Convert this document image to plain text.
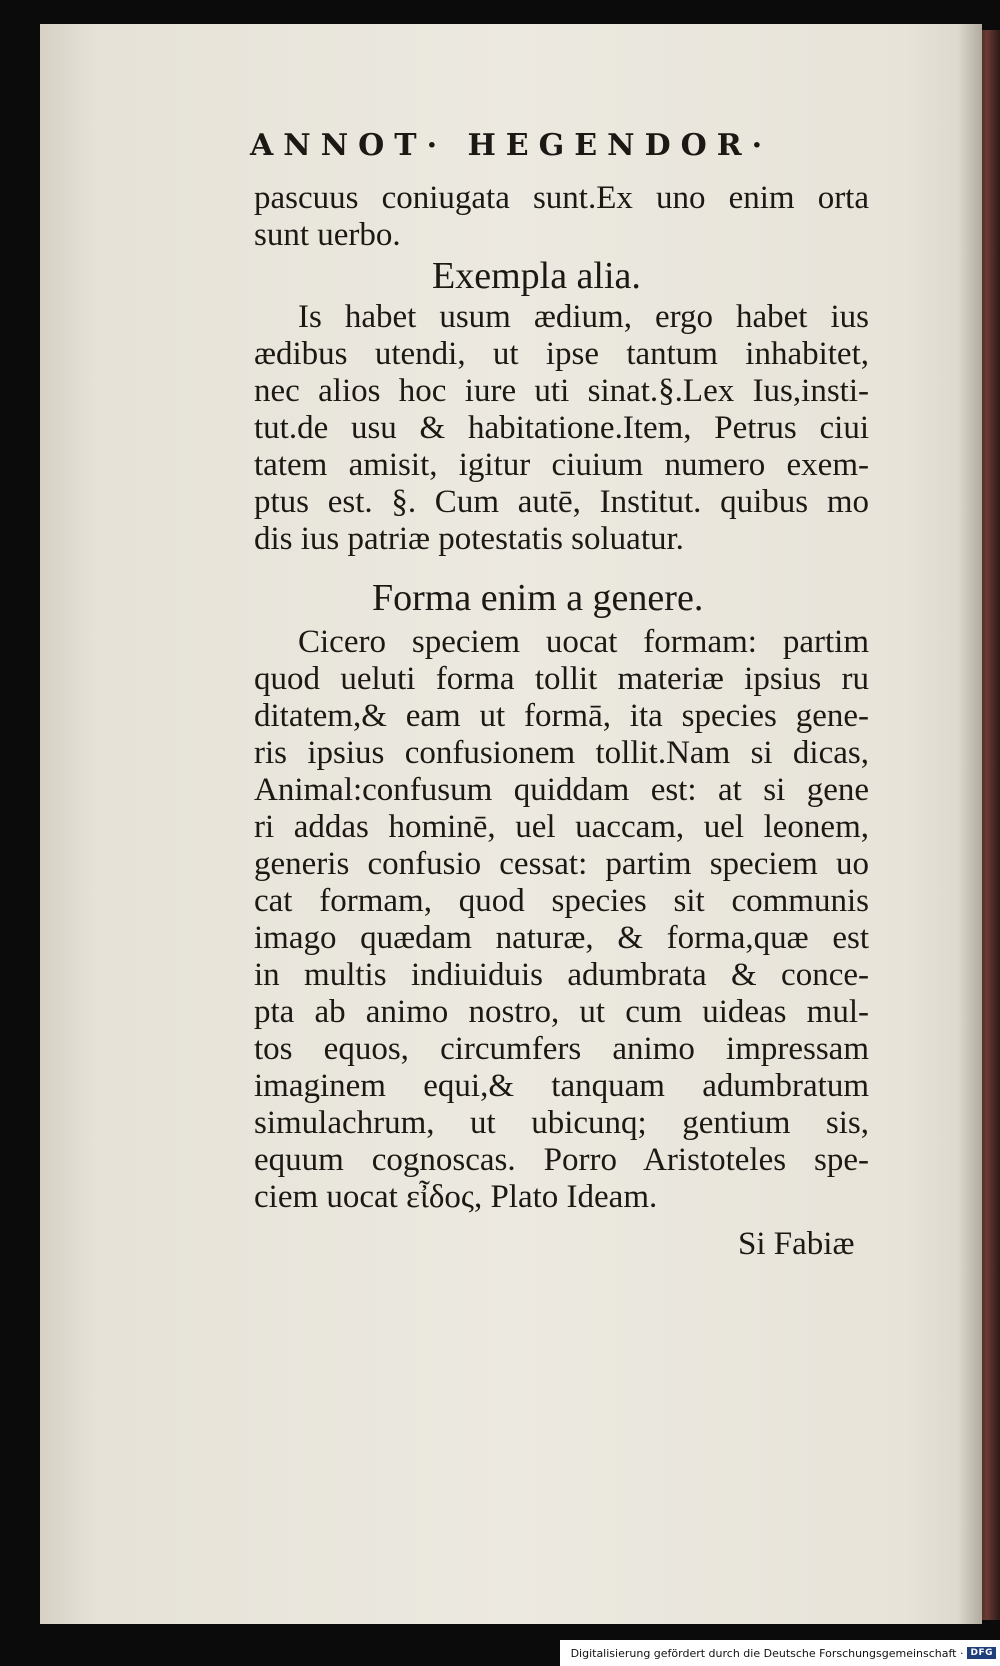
ANNOT· HEGENDOR·
pascuus coniugata sunt.Ex uno enim orta
sunt uerbo.
Exempla alia.
Is habet usum ædium, ergo habet ius
ædibus utendi, ut ipse tantum inhabitet,
nec alios hoc iure uti sinat.§.Lex Ius,insti-
tut.de usu & habitatione.Item, Petrus ciui
tatem amisit, igitur ciuium numero exem-
ptus est. §. Cum autē, Institut. quibus mo
dis ius patriæ potestatis soluatur.
Forma enim a genere.
Cicero speciem uocat formam: partim
quod ueluti forma tollit materiæ ipsius ru
ditatem,& eam ut formā, ita species gene-
ris ipsius confusionem tollit.Nam si dicas,
Animal:confusum quiddam est: at si gene
ri addas hominē, uel uaccam, uel leonem,
generis confusio cessat: partim speciem uo
cat formam, quod species sit communis
imago quædam naturæ, & forma,quæ est
in multis indiuiduis adumbrata & conce-
pta ab animo nostro, ut cum uideas mul-
tos equos, circumfers animo impressam
imaginem equi,& tanquam adumbratum
simulachrum, ut ubicunq; gentium sis,
equum cognoscas. Porro Aristoteles spe-
ciem uocat εἶδος, Plato Ideam.
Si Fabiæ
Digitalisierung gefördert durch die Deutsche Forschungsgemeinschaft · DFG
